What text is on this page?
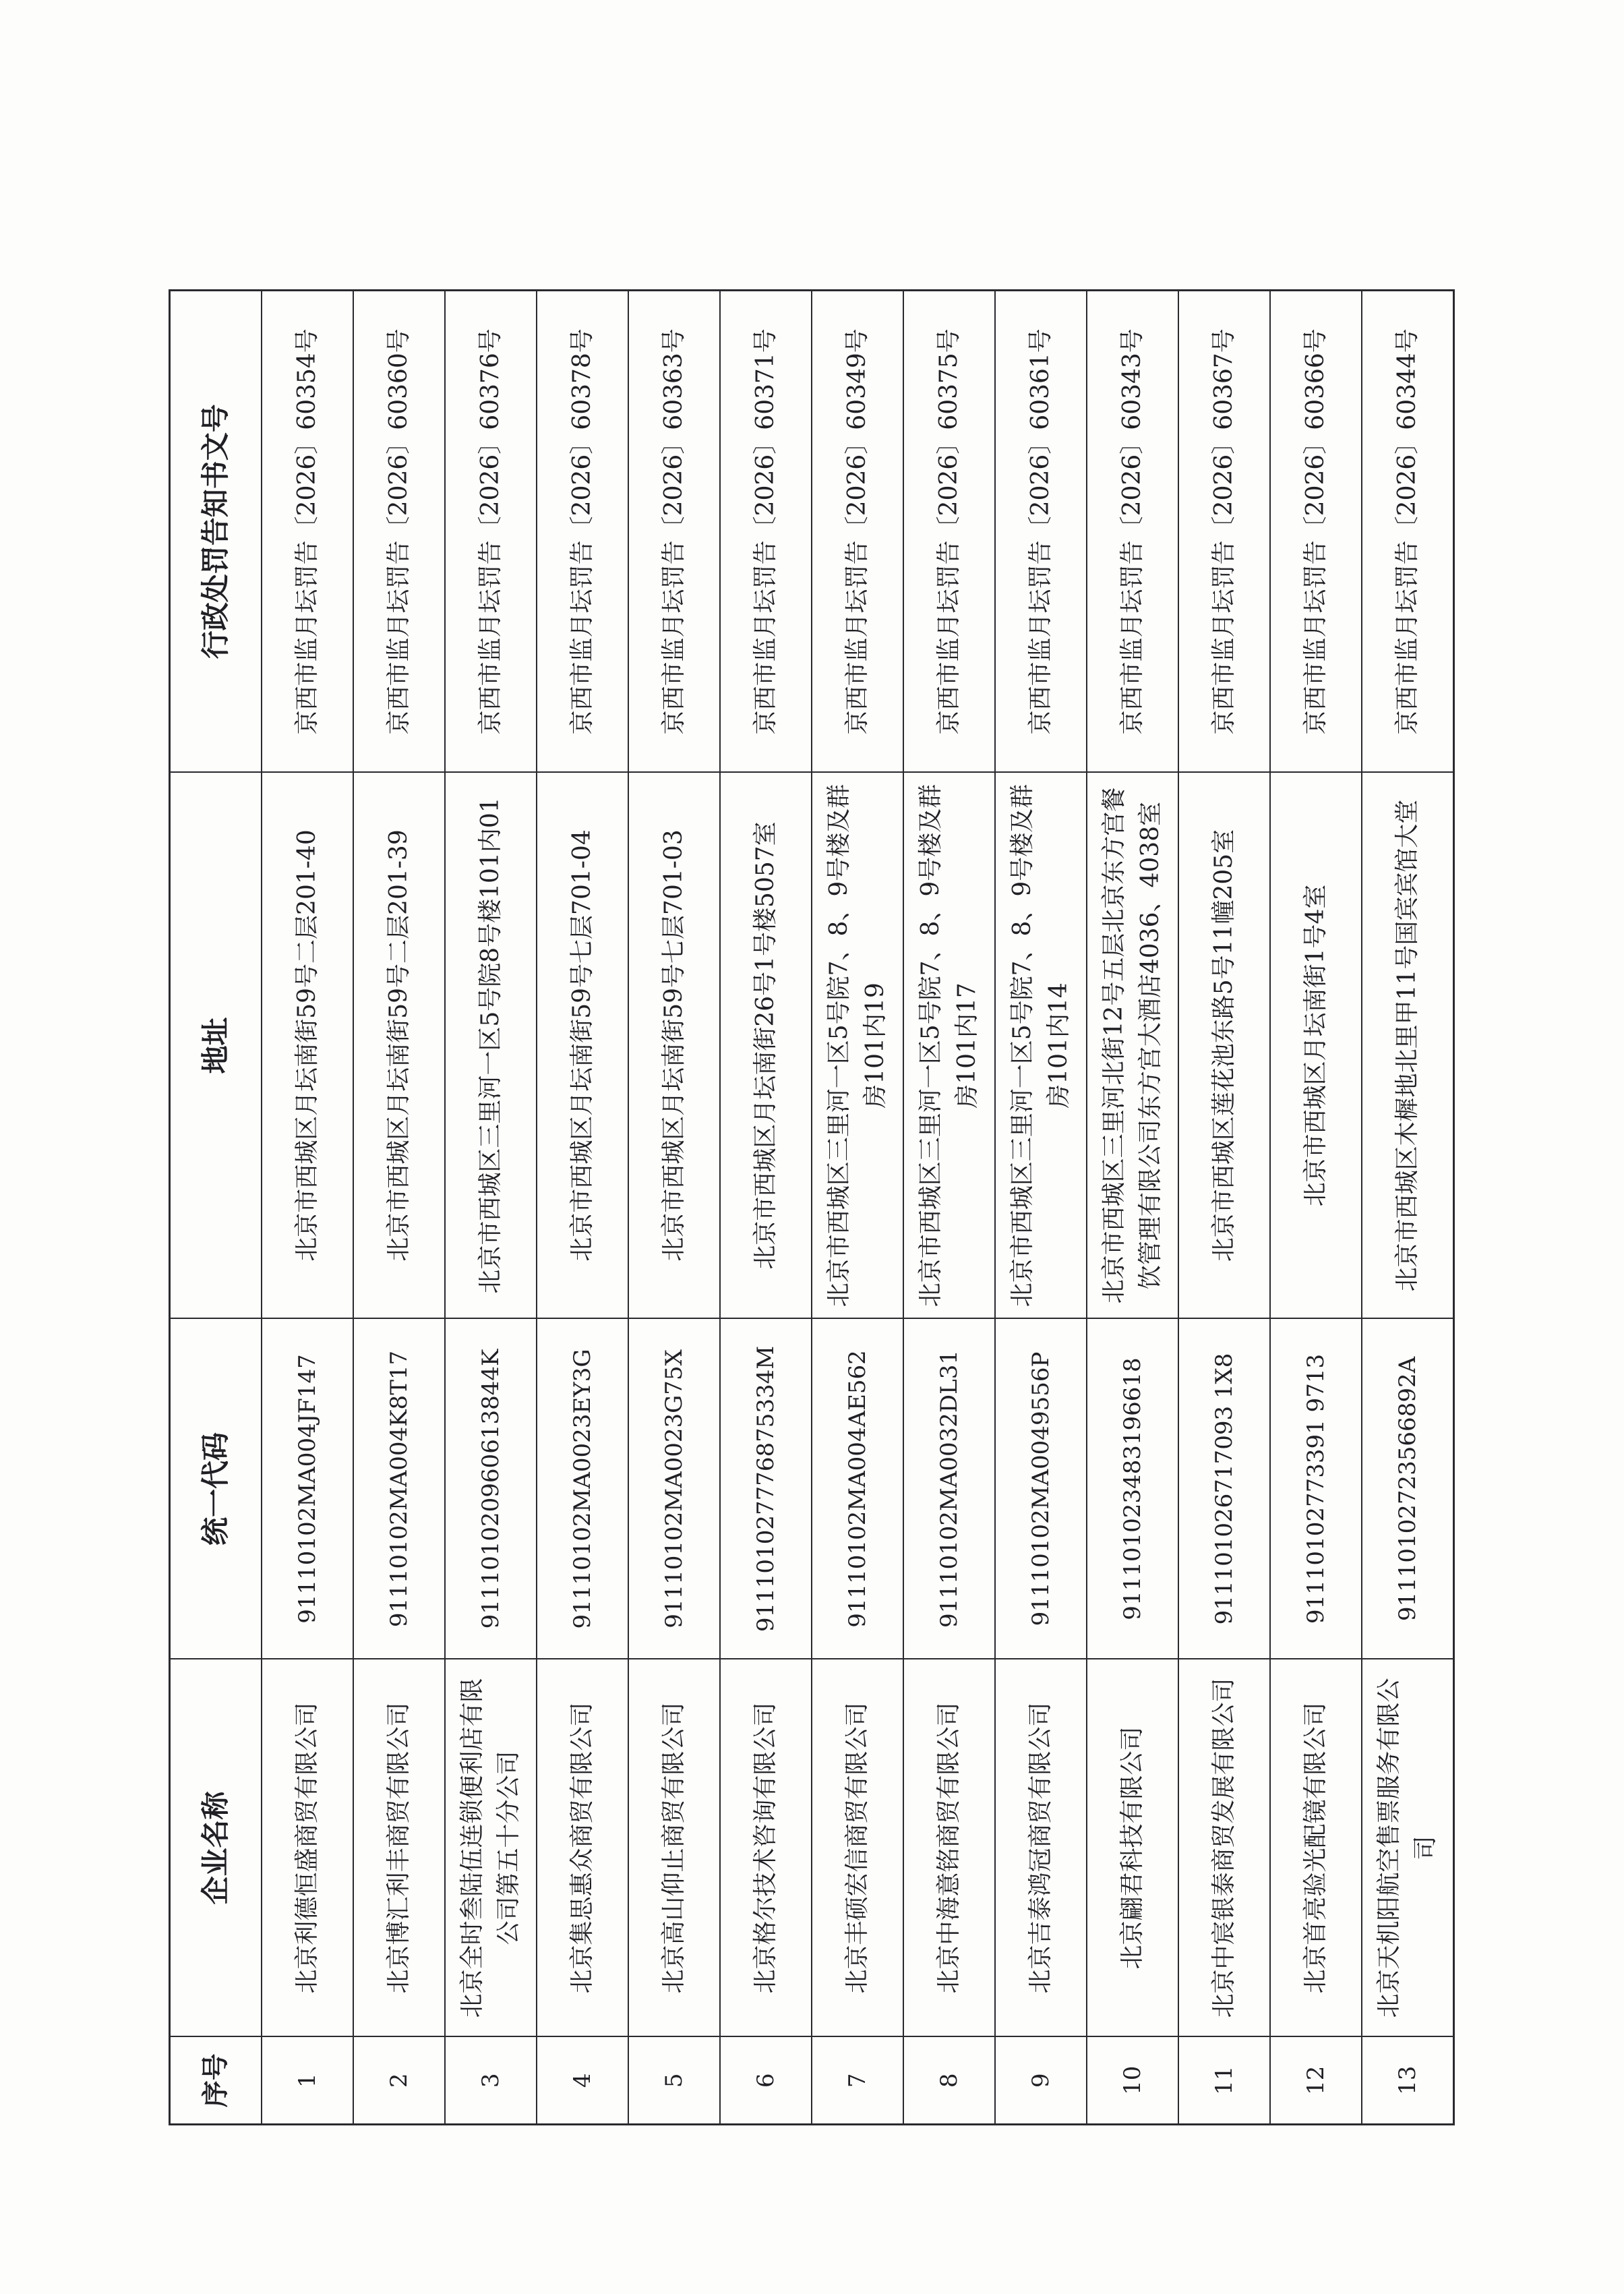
序号	企业名称	统一代码	地址	行政处罚告知书文号
1	北京利德恒盛商贸有限公司	91110102MA004JF147	北京市西城区月坛南街59号二层201-40	京西市监月坛罚告〔2026〕60354号
2	北京博汇利丰商贸有限公司	91110102MA004K8T17	北京市西城区月坛南街59号二层201-39	京西市监月坛罚告〔2026〕60360号
3	北京全时叁陆伍连锁便利店有限公司第五十分公司	911101020960613844K	北京市西城区三里河一区5号院8号楼101内01	京西市监月坛罚告〔2026〕60376号
4	北京集思惠众商贸有限公司	91110102MA0023EY3G	北京市西城区月坛南街59号七层701-04	京西市监月坛罚告〔2026〕60378号
5	北京高山仰止商贸有限公司	91110102MA0023G75X	北京市西城区月坛南街59号七层701-03	京西市监月坛罚告〔2026〕60363号
6	北京格尔技术咨询有限公司	911101027776875334M	北京市西城区月坛南街26号1号楼5057室	京西市监月坛罚告〔2026〕60371号
7	北京丰硕宏信商贸有限公司	91110102MA004AE562	北京市西城区三里河一区5号院7、8、9号楼及群房101内19	京西市监月坛罚告〔2026〕60349号
8	北京中海意铭商贸有限公司	91110102MA0032DL31	北京市西城区三里河一区5号院7、8、9号楼及群房101内17	京西市监月坛罚告〔2026〕60375号
9	北京吉泰鸿冠商贸有限公司	91110102MA0049556P	北京市西城区三里河一区5号院7、8、9号楼及群房101内14	京西市监月坛罚告〔2026〕60361号
10	北京翩君科技有限公司	911101023483196618	北京市西城区三里河北街12号五层北京东方宫餐饮管理有限公司东方宫大酒店4036、4038室	京西市监月坛罚告〔2026〕60343号
11	北京中宸银泰商贸发展有限公司	911101026717093 1X8	北京市西城区莲花池东路5号11幢205室	京西市监月坛罚告〔2026〕60367号
12	北京首亮验光配镜有限公司	91110102773391 9713	北京市西城区月坛南街1号4室	京西市监月坛罚告〔2026〕60366号
13	北京天机阳航空售票服务有限公司	91110102723566892A	北京市西城区木樨地北里甲11号国宾宾馆大堂	京西市监月坛罚告〔2026〕60344号
